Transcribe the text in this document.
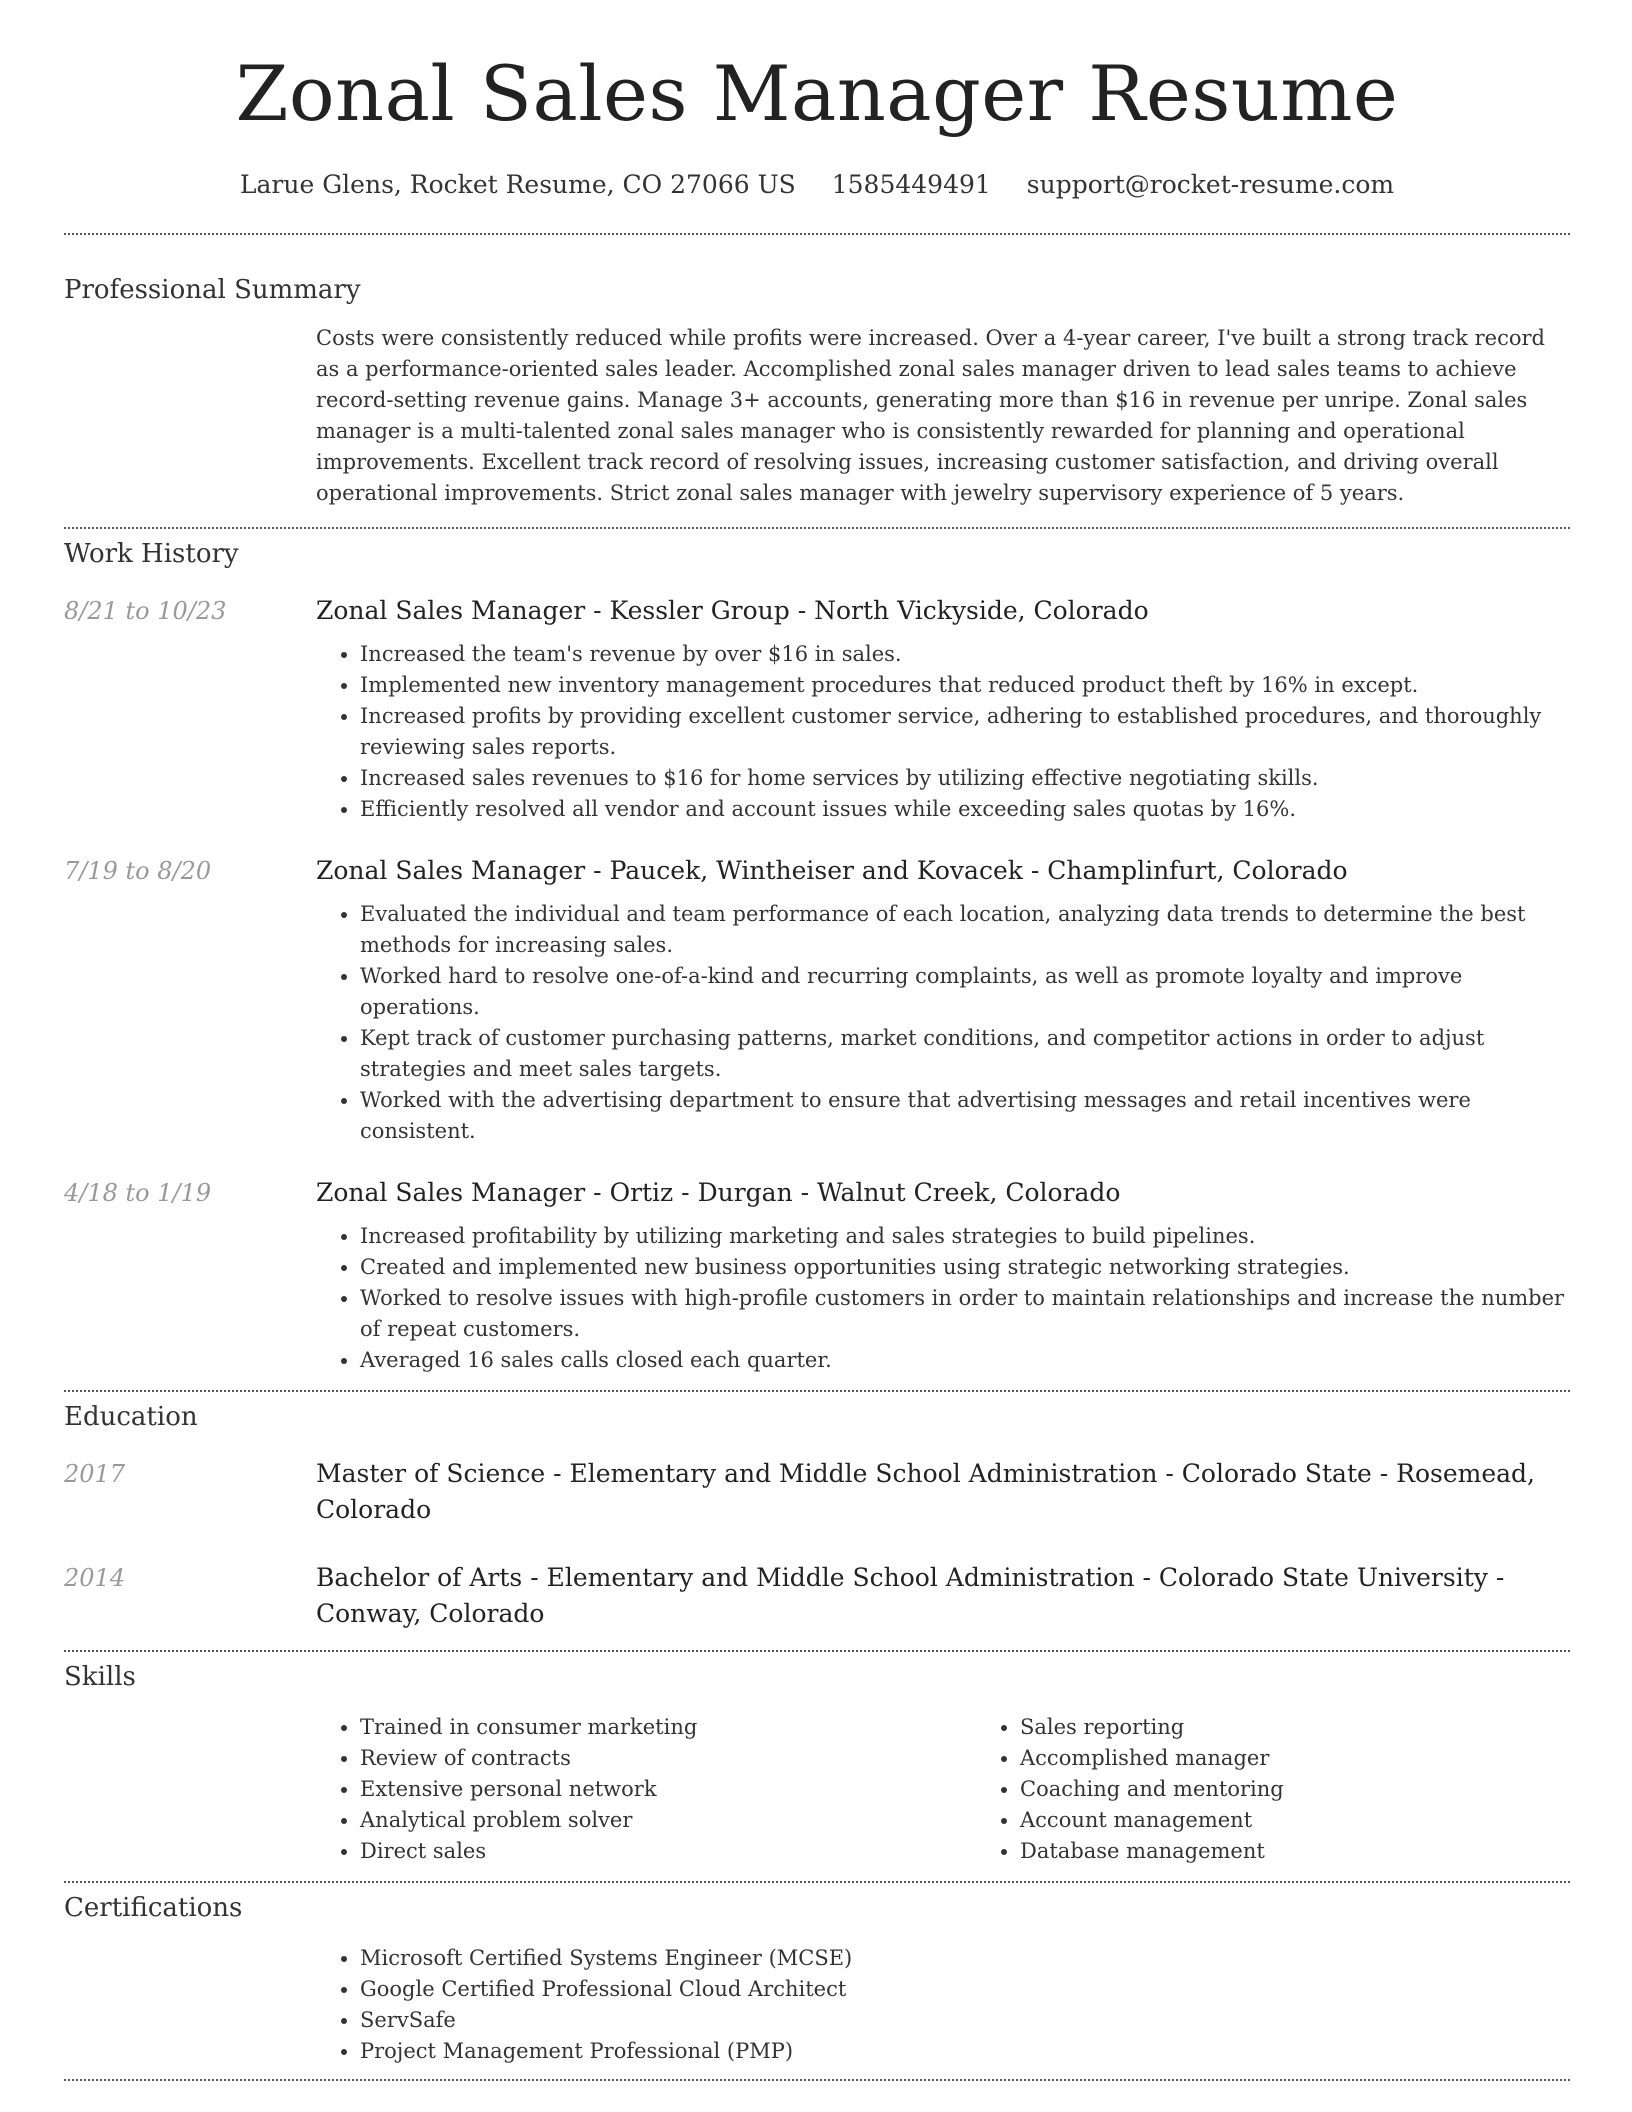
Zonal Sales Manager Resume
Larue Glens, Rocket Resume, CO 27066 US 1585449491 support@rocket-resume.com
Professional Summary
Costs were consistently reduced while profits were increased. Over a 4-year career, I've built a strong track record as a performance-oriented sales leader. Accomplished zonal sales manager driven to lead sales teams to achieve record-setting revenue gains. Manage 3+ accounts, generating more than $16 in revenue per unripe. Zonal sales manager is a multi-talented zonal sales manager who is consistently rewarded for planning and operational improvements. Excellent track record of resolving issues, increasing customer satisfaction, and driving overall operational improvements. Strict zonal sales manager with jewelry supervisory experience of 5 years.
Work History
8/21 to 10/23	Zonal Sales Manager - Kessler Group - North Vickyside, Colorado
• Increased the team's revenue by over $16 in sales.
• Implemented new inventory management procedures that reduced product theft by 16% in except.
• Increased profits by providing excellent customer service, adhering to established procedures, and thoroughly reviewing sales reports.
• Increased sales revenues to $16 for home services by utilizing effective negotiating skills.
• Efficiently resolved all vendor and account issues while exceeding sales quotas by 16%.
7/19 to 8/20	Zonal Sales Manager - Paucek, Wintheiser and Kovacek - Champlinfurt, Colorado
• Evaluated the individual and team performance of each location, analyzing data trends to determine the best methods for increasing sales.
• Worked hard to resolve one-of-a-kind and recurring complaints, as well as promote loyalty and improve operations.
• Kept track of customer purchasing patterns, market conditions, and competitor actions in order to adjust strategies and meet sales targets.
• Worked with the advertising department to ensure that advertising messages and retail incentives were consistent.
4/18 to 1/19	Zonal Sales Manager - Ortiz - Durgan - Walnut Creek, Colorado
• Increased profitability by utilizing marketing and sales strategies to build pipelines.
• Created and implemented new business opportunities using strategic networking strategies.
• Worked to resolve issues with high-profile customers in order to maintain relationships and increase the number of repeat customers.
• Averaged 16 sales calls closed each quarter.
Education
2017	Master of Science - Elementary and Middle School Administration - Colorado State - Rosemead, Colorado
2014	Bachelor of Arts - Elementary and Middle School Administration - Colorado State University - Conway, Colorado
Skills
• Trained in consumer marketing
• Review of contracts
• Extensive personal network
• Analytical problem solver
• Direct sales
• Sales reporting
• Accomplished manager
• Coaching and mentoring
• Account management
• Database management
Certifications
• Microsoft Certified Systems Engineer (MCSE)
• Google Certified Professional Cloud Architect
• ServSafe
• Project Management Professional (PMP)
